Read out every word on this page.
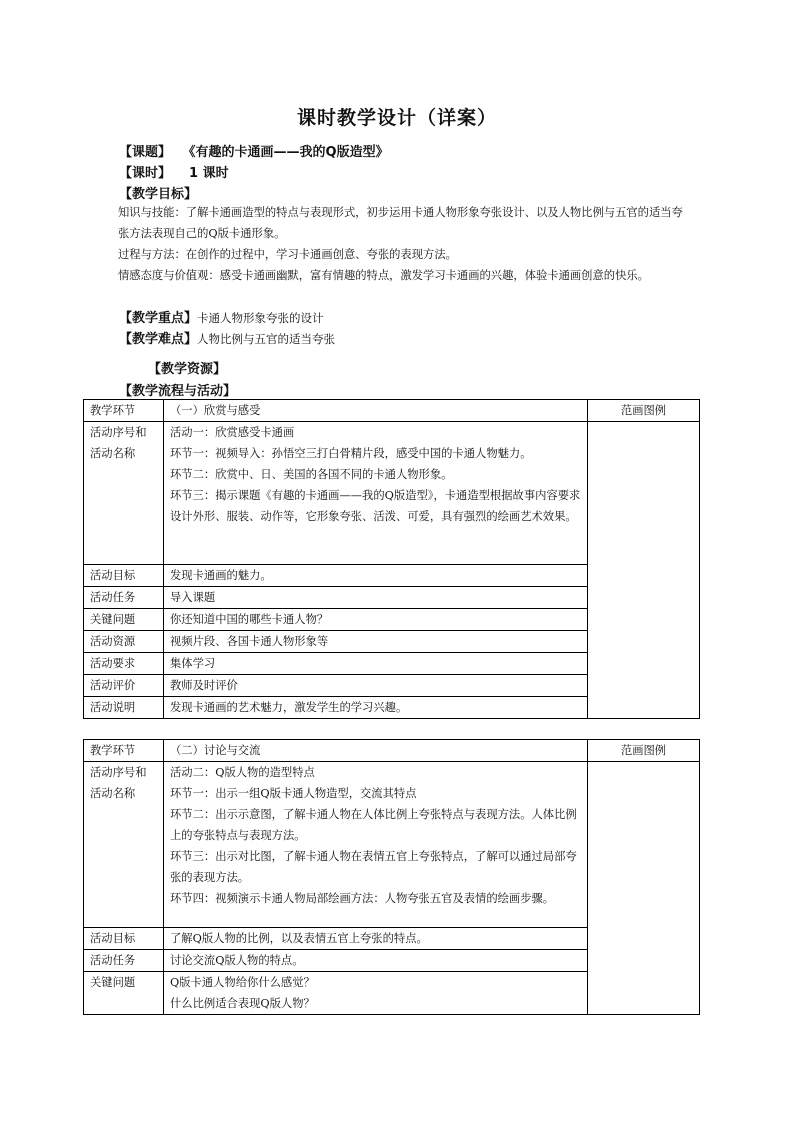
课时教学设计（详案）
【课题】 《有趣的卡通画——我的Q版造型》
【课时】 1 课时
【教学目标】

知识与技能：了解卡通画造型的特点与表现形式，初步运用卡通人物形象夸张设计、以及人物比例与五官的适当夸张方法表现自己的Q版卡通形象。

过程与方法：在创作的过程中，学习卡通画创意、夸张的表现方法。

情感态度与价值观：感受卡通画幽默，富有情趣的特点，激发学习卡通画的兴趣，体验卡通画创意的快乐。

【教学重点】卡通人物形象夸张的设计
【教学难点】人物比例与五官的适当夸张
【教学资源】
【教学流程与活动】
教学环节	（一）欣赏与感受	范画图例
活动序号和活动名称	活动一：欣赏感受卡通画

环节一：视频导入：孙悟空三打白骨精片段，感受中国的卡通人物魅力。

环节二：欣赏中、日、美国的各国不同的卡通人物形象。

环节三：揭示课题《有趣的卡通画——我的Q版造型》，卡通造型根据故事内容要求设计外形、服装、动作等，它形象夸张、活泼、可爱，具有强烈的绘画艺术效果。	

活动目标	发现卡通画的魅力。	
活动任务	导入课题	
关键问题	你还知道中国的哪些卡通人物？	
活动资源	视频片段、各国卡通人物形象等	
活动要求	集体学习	
活动评价	教师及时评价	
活动说明	发现卡通画的艺术魅力，激发学生的学习兴趣。	
教学环节	（二）讨论与交流	范画图例
活动序号和活动名称	活动二：Q版人物的造型特点

环节一：出示一组Q版卡通人物造型，交流其特点

环节二：出示示意图，了解卡通人物在人体比例上夸张特点与表现方法。人体比例上的夸张特点与表现方法。

环节三：出示对比图，了解卡通人物在表情五官上夸张特点，了解可以通过局部夸张的表现方法。

环节四：视频演示卡通人物局部绘画方法：人物夸张五官及表情的绘画步骤。	

活动目标	了解Q版人物的比例，以及表情五官上夸张的特点。	
活动任务	讨论交流Q版人物的特点。	
关键问题	Q版卡通人物给你什么感觉？

什么比例适合表现Q版人物？	
